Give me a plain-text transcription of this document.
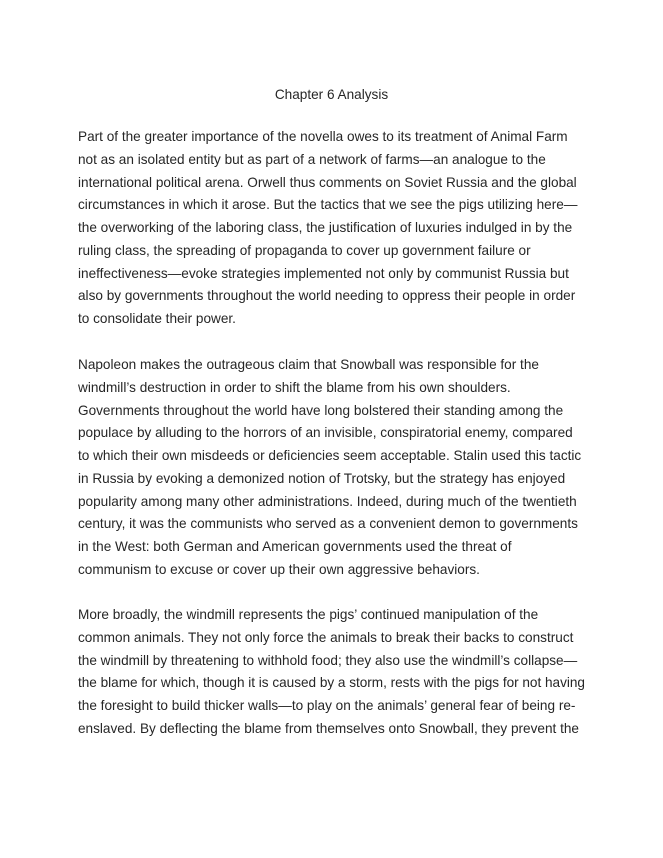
Chapter 6 Analysis

Part of the greater importance of the novella owes to its treatment of Animal Farm

not as an isolated entity but as part of a network of farms—an analogue to the

international political arena. Orwell thus comments on Soviet Russia and the global

circumstances in which it arose. But the tactics that we see the pigs utilizing here—

the overworking of the laboring class, the justification of luxuries indulged in by the

ruling class, the spreading of propaganda to cover up government failure or

ineffectiveness—evoke strategies implemented not only by communist Russia but

also by governments throughout the world needing to oppress their people in order

to consolidate their power.

Napoleon makes the outrageous claim that Snowball was responsible for the

windmill’s destruction in order to shift the blame from his own shoulders.

Governments throughout the world have long bolstered their standing among the

populace by alluding to the horrors of an invisible, conspiratorial enemy, compared

to which their own misdeeds or deficiencies seem acceptable. Stalin used this tactic

in Russia by evoking a demonized notion of Trotsky, but the strategy has enjoyed

popularity among many other administrations. Indeed, during much of the twentieth

century, it was the communists who served as a convenient demon to governments

in the West: both German and American governments used the threat of

communism to excuse or cover up their own aggressive behaviors.

More broadly, the windmill represents the pigs’ continued manipulation of the

common animals. They not only force the animals to break their backs to construct

the windmill by threatening to withhold food; they also use the windmill’s collapse—

the blame for which, though it is caused by a storm, rests with the pigs for not having

the foresight to build thicker walls—to play on the animals’ general fear of being re-

enslaved. By deflecting the blame from themselves onto Snowball, they prevent the
